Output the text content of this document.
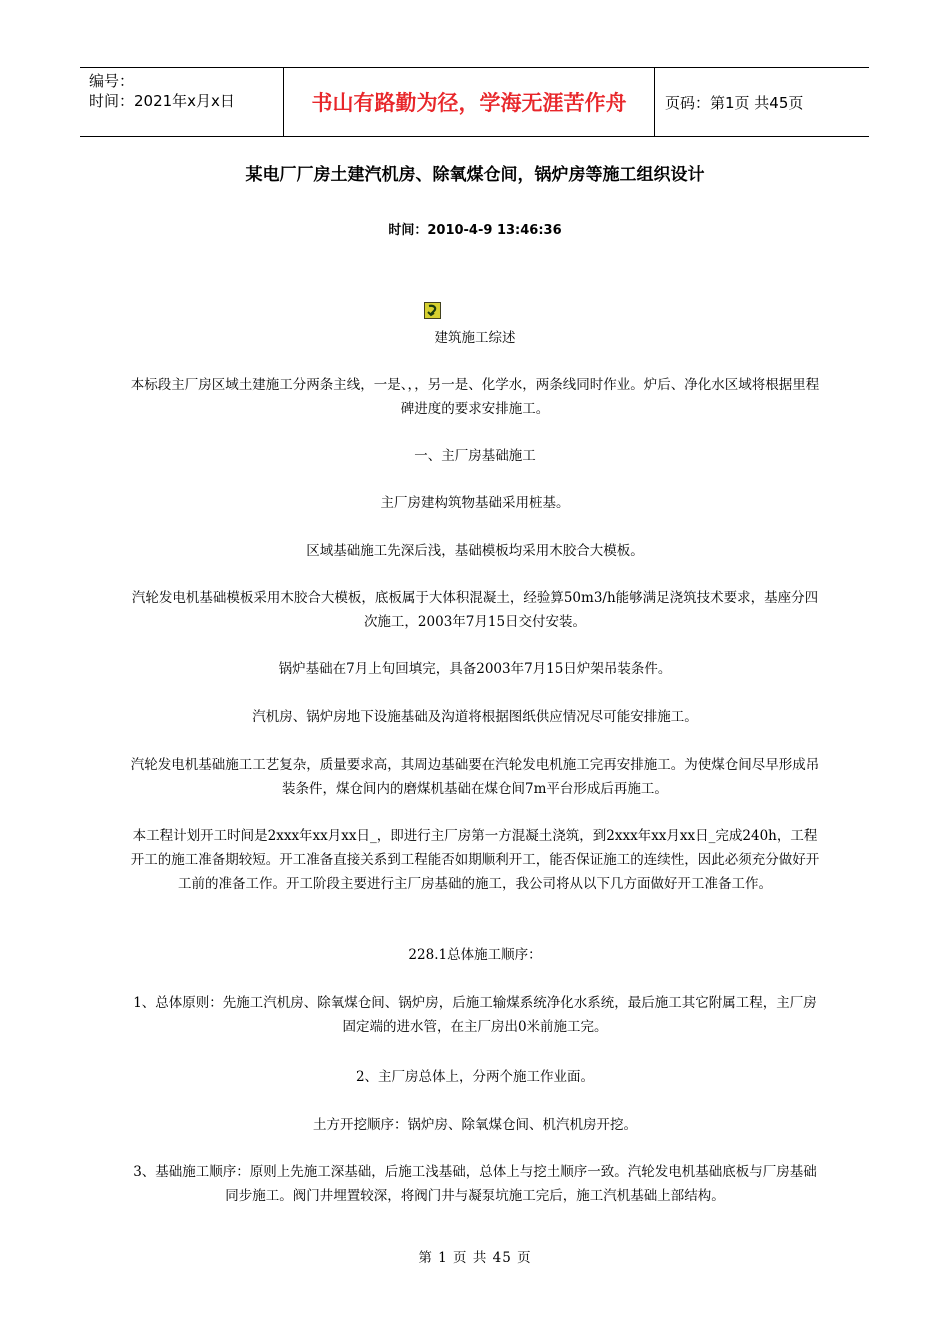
编号：
时间：2021年x月x日	书山有路勤为径，学海无涯苦作舟	页码：第1页 共45页
某电厂厂房土建汽机房、除氧煤仓间，锅炉房等施工组织设计
时间：2010-4-9 13:46:36
建筑施工综述
本标段主厂房区域土建施工分两条主线，一是、，，另一是、化学水，两条线同时作业。炉后、净化水区域将根据里程碑进度的要求安排施工。
一、主厂房基础施工
主厂房建构筑物基础采用桩基。
区域基础施工先深后浅，基础模板均采用木胶合大模板。
汽轮发电机基础模板采用木胶合大模板，底板属于大体积混凝土，经验算50m3/h能够满足浇筑技术要求，基座分四次施工，2003年7月15日交付安装。
锅炉基础在7月上旬回填完，具备2003年7月15日炉架吊装条件。
汽机房、锅炉房地下设施基础及沟道将根据图纸供应情况尽可能安排施工。
汽轮发电机基础施工工艺复杂，质量要求高，其周边基础要在汽轮发电机施工完再安排施工。为使煤仓间尽早形成吊装条件，煤仓间内的磨煤机基础在煤仓间7m平台形成后再施工。
本工程计划开工时间是2xxx年xx月xx日_，即进行主厂房第一方混凝土浇筑，到2xxx年xx月xx日_完成240h，工程开工的施工准备期较短。开工准备直接关系到工程能否如期顺利开工，能否保证施工的连续性，因此必须充分做好开工前的准备工作。开工阶段主要进行主厂房基础的施工，我公司将从以下几方面做好开工准备工作。
228.1总体施工顺序：
1、总体原则：先施工汽机房、除氧煤仓间、锅炉房，后施工输煤系统净化水系统，最后施工其它附属工程，主厂房固定端的进水管，在主厂房出0米前施工完。
2、主厂房总体上，分两个施工作业面。
土方开挖顺序：锅炉房、除氧煤仓间、机汽机房开挖。
3、基础施工顺序：原则上先施工深基础，后施工浅基础，总体上与挖土顺序一致。汽轮发电机基础底板与厂房基础同步施工。阀门井埋置较深，将阀门井与凝泵坑施工完后，施工汽机基础上部结构。
第 1 页 共 45 页
